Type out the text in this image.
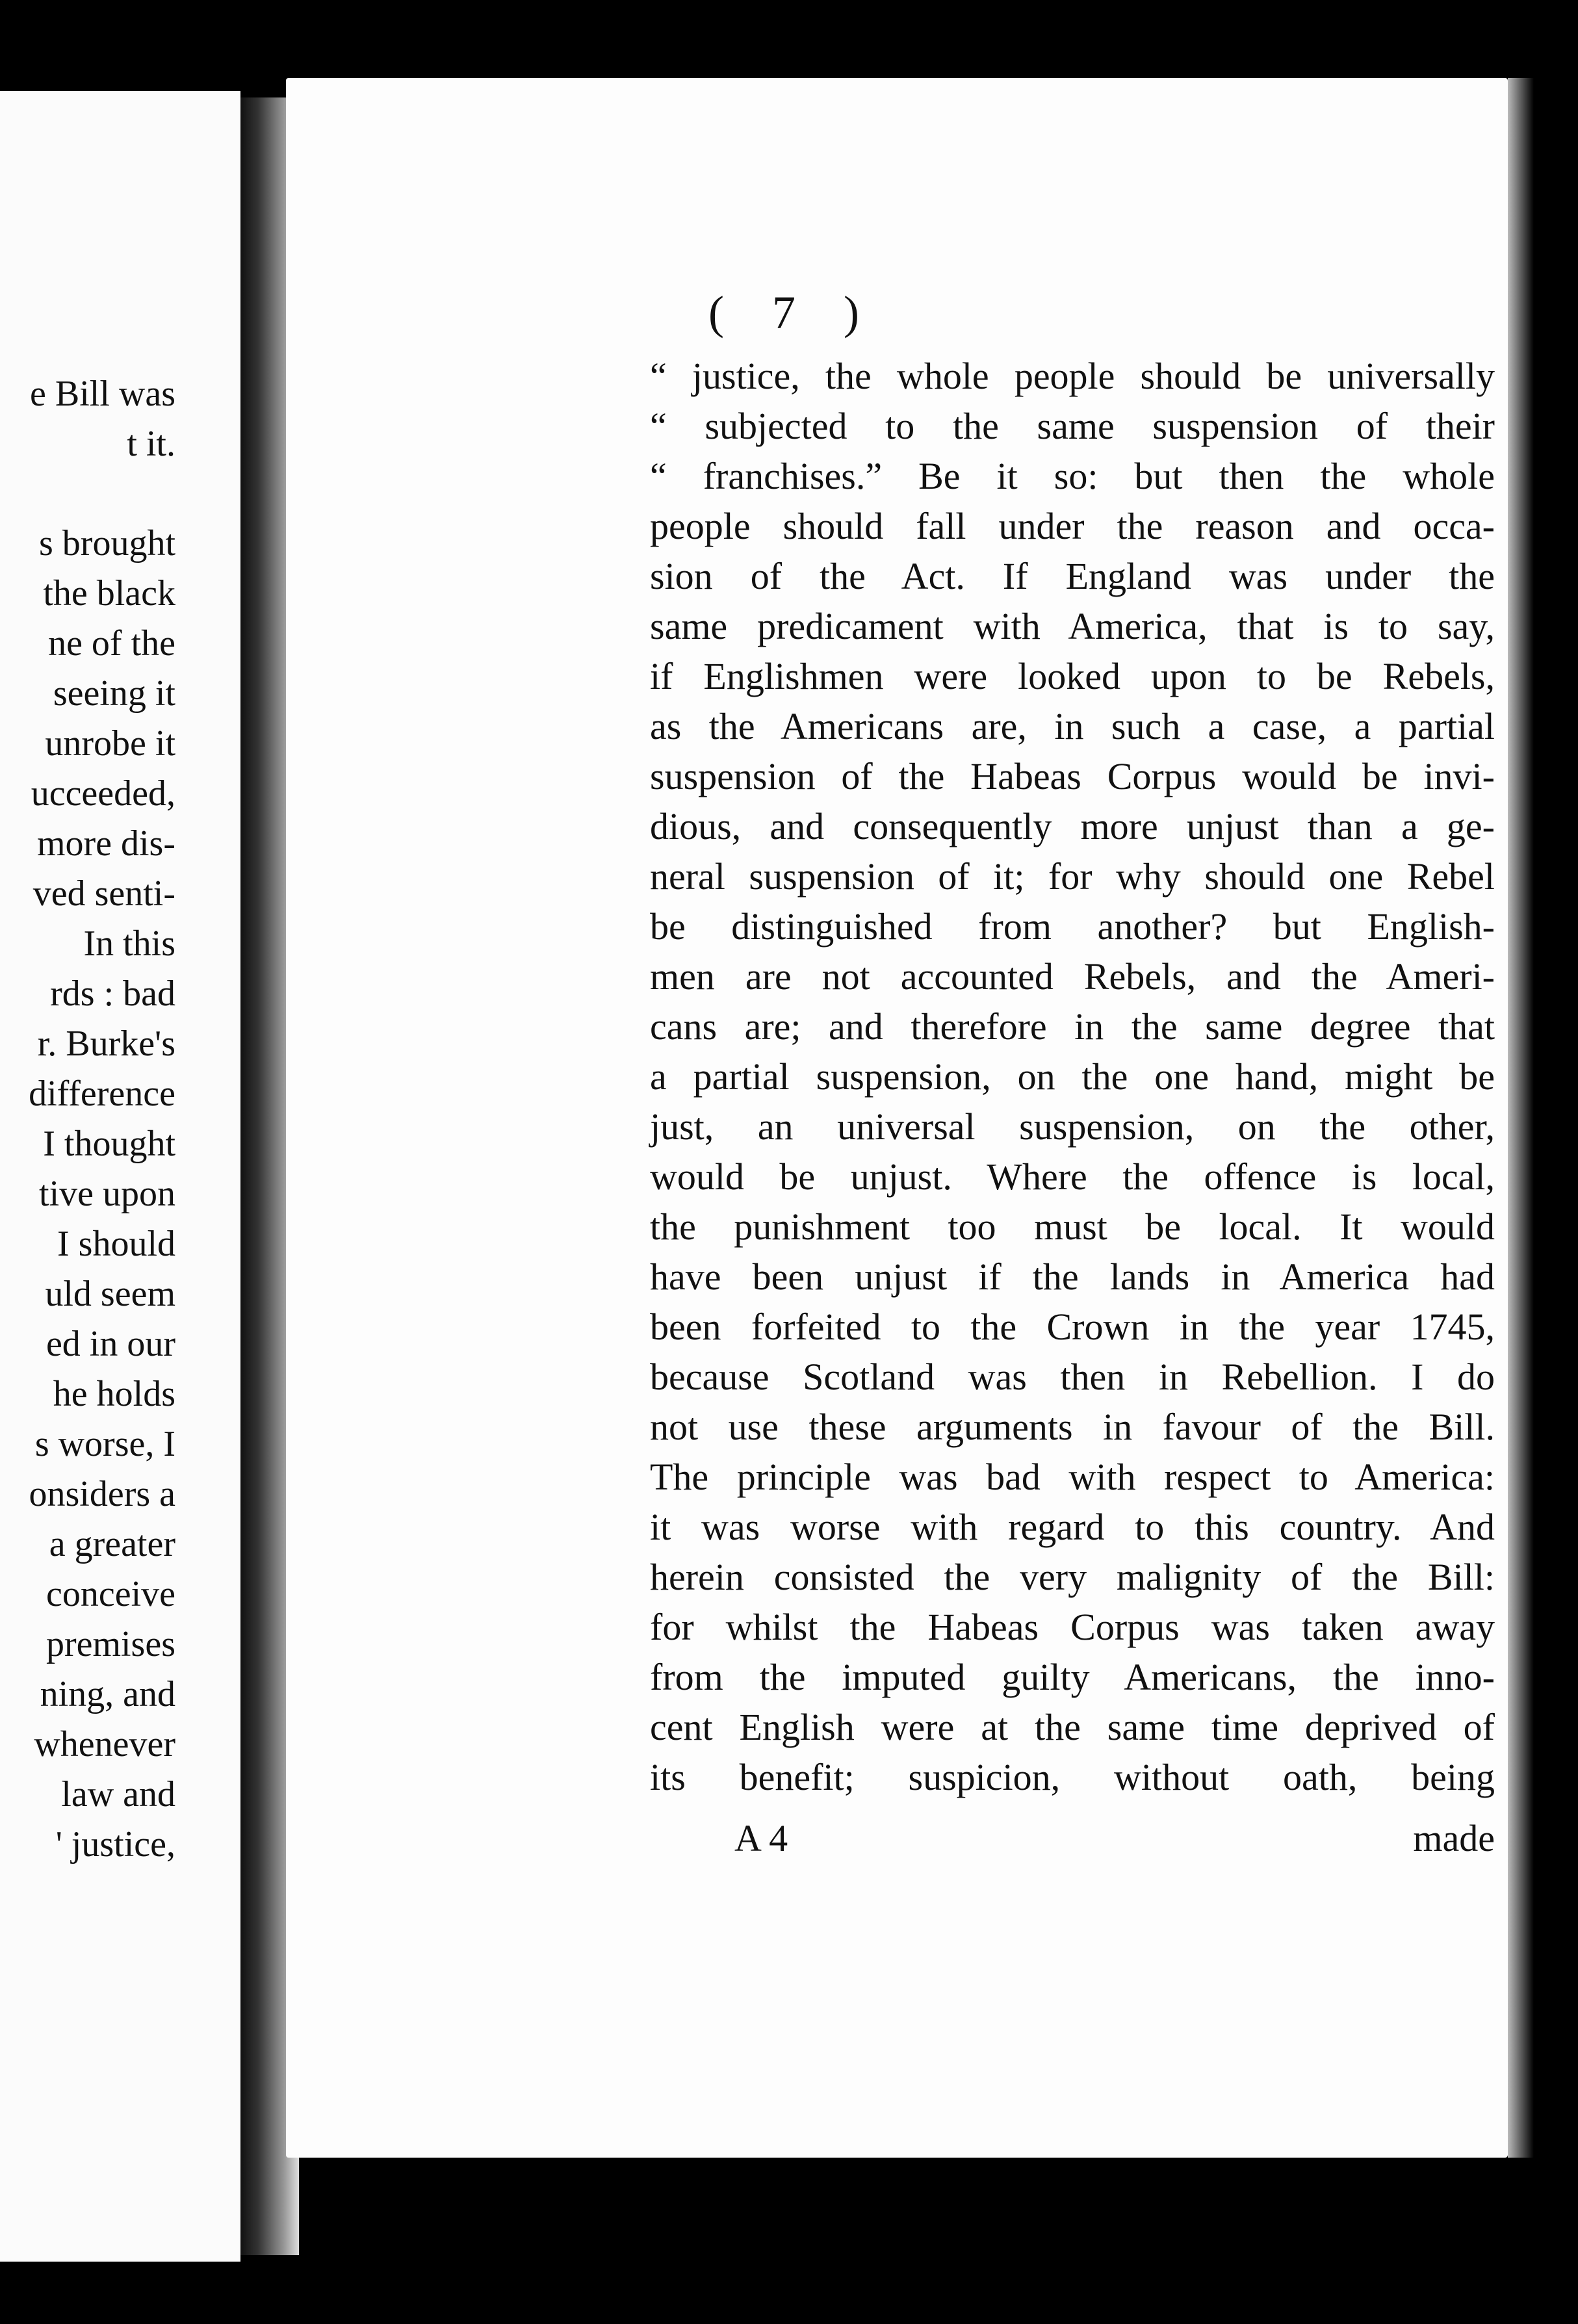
e Bill was
t it.
s brought
the black
ne of the
seeing it
unrobe it
ucceeded,
more dis-
ved senti-
In this
rds : bad
r. Burke's
difference
I thought
tive upon
I should
uld seem
ed in our
he holds
s worse, I
onsiders a
a greater
conceive
premises
ning, and
whenever
law and
' justice,
( 7 )
“ justice, the whole people should be universally
“ subjected to the same suspension of their
“ franchises.” Be it so: but then the whole
people should fall under the reason and occa-
sion of the Act. If England was under the
same predicament with America, that is to say,
if Englishmen were looked upon to be Rebels,
as the Americans are, in such a case, a partial
suspension of the Habeas Corpus would be invi-
dious, and consequently more unjust than a ge-
neral suspension of it; for why should one Rebel
be distinguished from another? but English-
men are not accounted Rebels, and the Ameri-
cans are; and therefore in the same degree that
a partial suspension, on the one hand, might be
just, an universal suspension, on the other,
would be unjust. Where the offence is local,
the punishment too must be local. It would
have been unjust if the lands in America had
been forfeited to the Crown in the year 1745,
because Scotland was then in Rebellion. I do
not use these arguments in favour of the Bill.
The principle was bad with respect to America:
it was worse with regard to this country. And
herein consisted the very malignity of the Bill:
for whilst the Habeas Corpus was taken away
from the imputed guilty Americans, the inno-
cent English were at the same time deprived of
its benefit; suspicion, without oath, being
A 4	made
